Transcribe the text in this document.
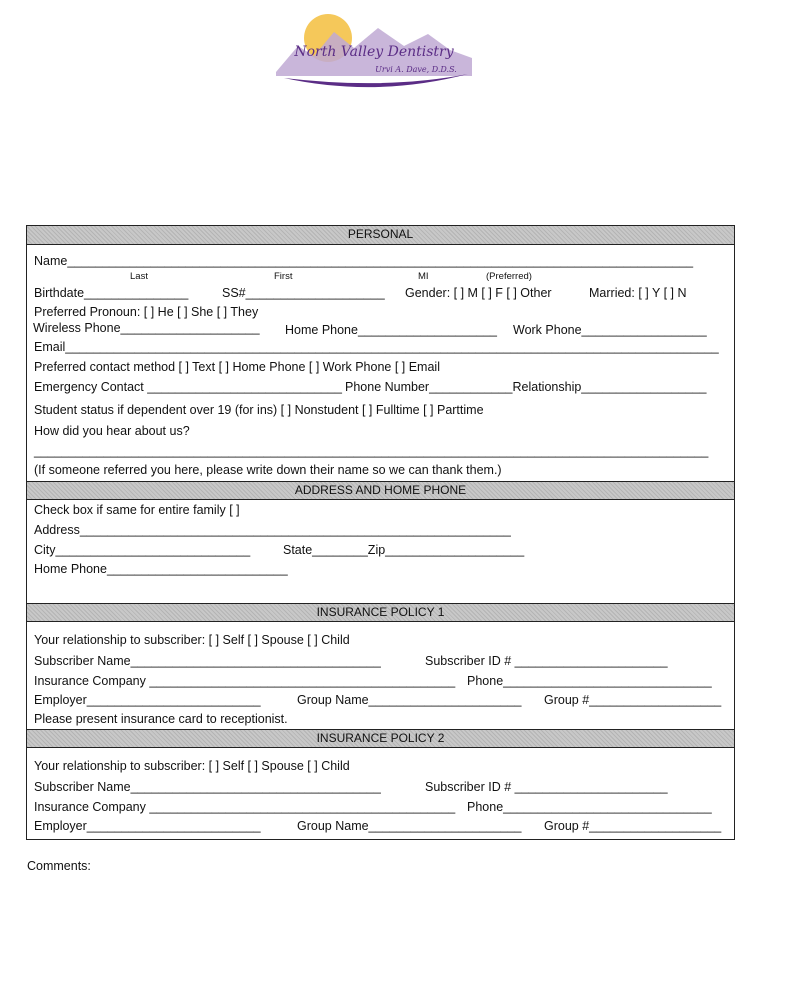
North Valley Dentistry
Urvi A. Dave, D.D.S.
PERSONAL
Name__________________________________________________________________________________________
Last	First	MI	(Preferred)
Birthdate_______________	SS#____________________ Gender: [ ] M [ ] F [ ] Other	Married: [ ] Y [ ] N
Preferred Pronoun: [ ] He [ ] She [ ] They
Wireless Phone____________________ Home Phone____________________ Work Phone__________________
Email______________________________________________________________________________________________
Preferred contact method [ ] Text [ ] Home Phone [ ] Work Phone [ ] Email
Emergency Contact ____________________________ Phone Number____________Relationship__________________
Student status if dependent over 19 (for ins) [ ] Nonstudent [ ] Fulltime [ ] Parttime
How did you hear about us?
_________________________________________________________________________________________________
(If someone referred you here, please write down their name so we can thank them.)
ADDRESS AND HOME PHONE
Check box if same for entire family [ ]
Address______________________________________________________________
City____________________________	State________Zip____________________
Home Phone__________________________
INSURANCE POLICY 1
Your relationship to subscriber: [ ] Self [ ] Spouse [ ] Child
Subscriber Name____________________________________	Subscriber ID # ______________________
Insurance Company ____________________________________________ Phone______________________________
Employer_________________________	Group Name______________________ Group #___________________
Please present insurance card to receptionist.
INSURANCE POLICY 2
Your relationship to subscriber: [ ] Self [ ] Spouse [ ] Child
Subscriber Name____________________________________	Subscriber ID # ______________________
Insurance Company ____________________________________________ Phone______________________________
Employer_________________________	Group Name______________________ Group #___________________
Comments:
